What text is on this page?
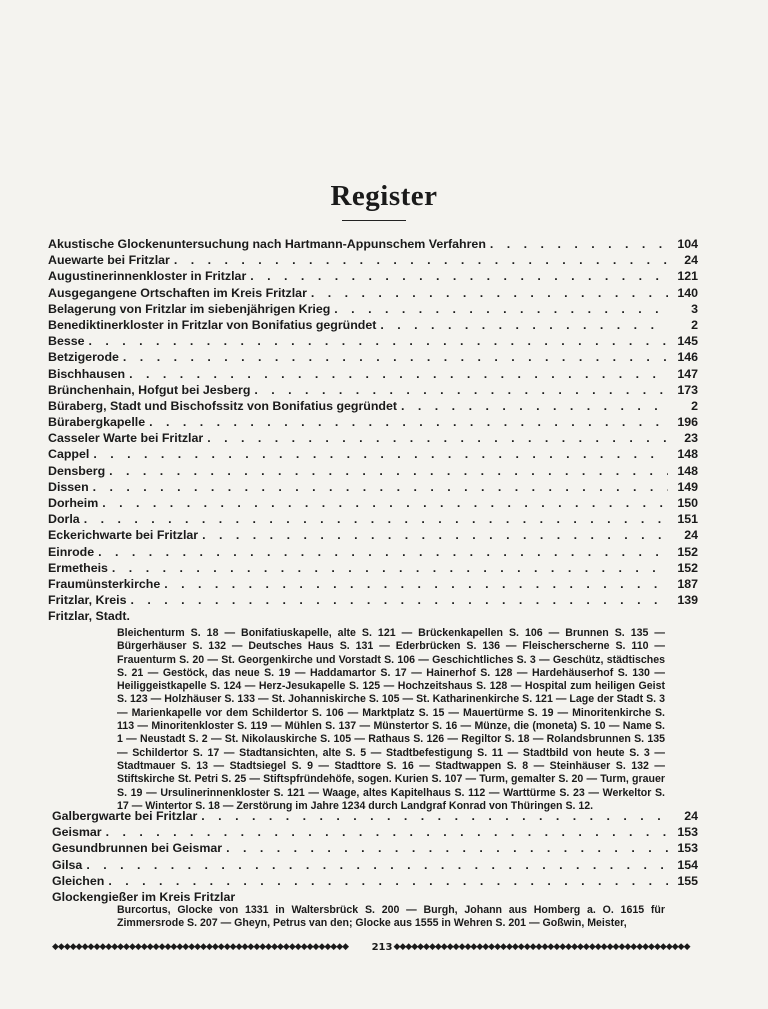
Register
Akustische Glockenuntersuchung nach Hartmann-Appunschem Verfahren . . .	104
Auewarte bei Fritzlar . . .	24
Augustinerinnenkloster in Fritzlar . . .	121
Ausgegangene Ortschaften im Kreis Fritzlar . . .	140
Belagerung von Fritzlar im siebenjährigen Krieg . . .	3
Benediktinerkloster in Fritzlar von Bonifatius gegründet . . .	2
Besse . . .	145
Betzigerode . . .	146
Bischhausen . . .	147
Brünchenhain, Hofgut bei Jesberg . . .	173
Büraberg, Stadt und Bischofssitz von Bonifatius gegründet . . .	2
Bürabergkapelle . . .	196
Casseler Warte bei Fritzlar . . .	23
Cappel . . .	148
Densberg . . .	148
Dissen . . .	149
Dorheim . . .	150
Dorla . . .	151
Eckerichwarte bei Fritzlar . . .	24
Einrode . . .	152
Ermetheis . . .	152
Fraumünsterkirche . . .	187
Fritzlar, Kreis . . .	139
Fritzlar, Stadt.

Bleichenturm S. 18 — Bonifatiuskapelle, alte S. 121 — Brückenkapellen S. 106 — Brunnen S. 135 — Bürgerhäuser S. 132 — Deutsches Haus S. 131 — Ederbrücken S. 136 — Fleischerscherne S. 110 — Frauenturm S. 20 — St. Georgenkirche und Vorstadt S. 106 — Geschichtliches S. 3 — Geschütz, städtisches S. 21 — Gestöck, das neue S. 19 — Haddamartor S. 17 — Hainerhof S. 128 — Hardehäuserhof S. 130 — Heiliggeistkapelle S. 124 — Herz-Jesukapelle S. 125 — Hochzeitshaus S. 128 — Hospital zum heiligen Geist S. 123 — Holzhäuser S. 133 — St. Johanniskirche S. 105 — St. Katharinenkirche S. 121 — Lage der Stadt S. 3 — Marienkapelle vor dem Schildertor S. 106 — Marktplatz S. 15 — Mauertürme S. 19 — Minoritenkirche S. 113 — Minoritenkloster S. 119 — Mühlen S. 137 — Münstertor S. 16 — Münze, die (moneta) S. 10 — Name S. 1 — Neustadt S. 2 — St. Nikolauskirche S. 105 — Rathaus S. 126 — Regiltor S. 18 — Rolandsbrunnen S. 135 — Schildertor S. 17 — Stadtansichten, alte S. 5 — Stadtbefestigung S. 11 — Stadtbild von heute S. 3 — Stadtmauer S. 13 — Stadtsiegel S. 9 — Stadttore S. 16 — Stadtwappen S. 8 — Steinhäuser S. 132 — Stiftskirche St. Petri S. 25 — Stiftspfründehöfe, sogen. Kurien S. 107 — Turm, gemalter S. 20 — Turm, grauer S. 19 — Ursulinerinnenkloster S. 121 — Waage, altes Kapitelhaus S. 112 — Warttürme S. 23 — Werkeltor S. 17 — Wintertor S. 18 — Zerstörung im Jahre 1234 durch Landgraf Konrad von Thüringen S. 12.

Galbergwarte bei Fritzlar . . .	24
Geismar . . .	153
Gesundbrunnen bei Geismar . . .	153
Gilsa . . .	154
Gleichen . . .	155
Glockengießer im Kreis Fritzlar

Burcortus, Glocke von 1331 in Waltersbrück S. 200 — Burgh, Johann aus Homberg a. O. 1615 für Zimmersrode S. 207 — Gheyn, Petrus van den; Glocke aus 1555 in Wehren S. 201 — Goßwin, Meister,

◆◆◆◆◆◆◆◆◆◆◆◆◆◆◆◆◆◆◆◆◆◆◆◆◆◆◆◆◆◆◆◆◆◆◆◆◆◆◆◆◆◆◆◆◆◆◆◆◆◆
213
◆◆◆◆◆◆◆◆◆◆◆◆◆◆◆◆◆◆◆◆◆◆◆◆◆◆◆◆◆◆◆◆◆◆◆◆◆◆◆◆◆◆◆◆◆◆◆◆◆◆
